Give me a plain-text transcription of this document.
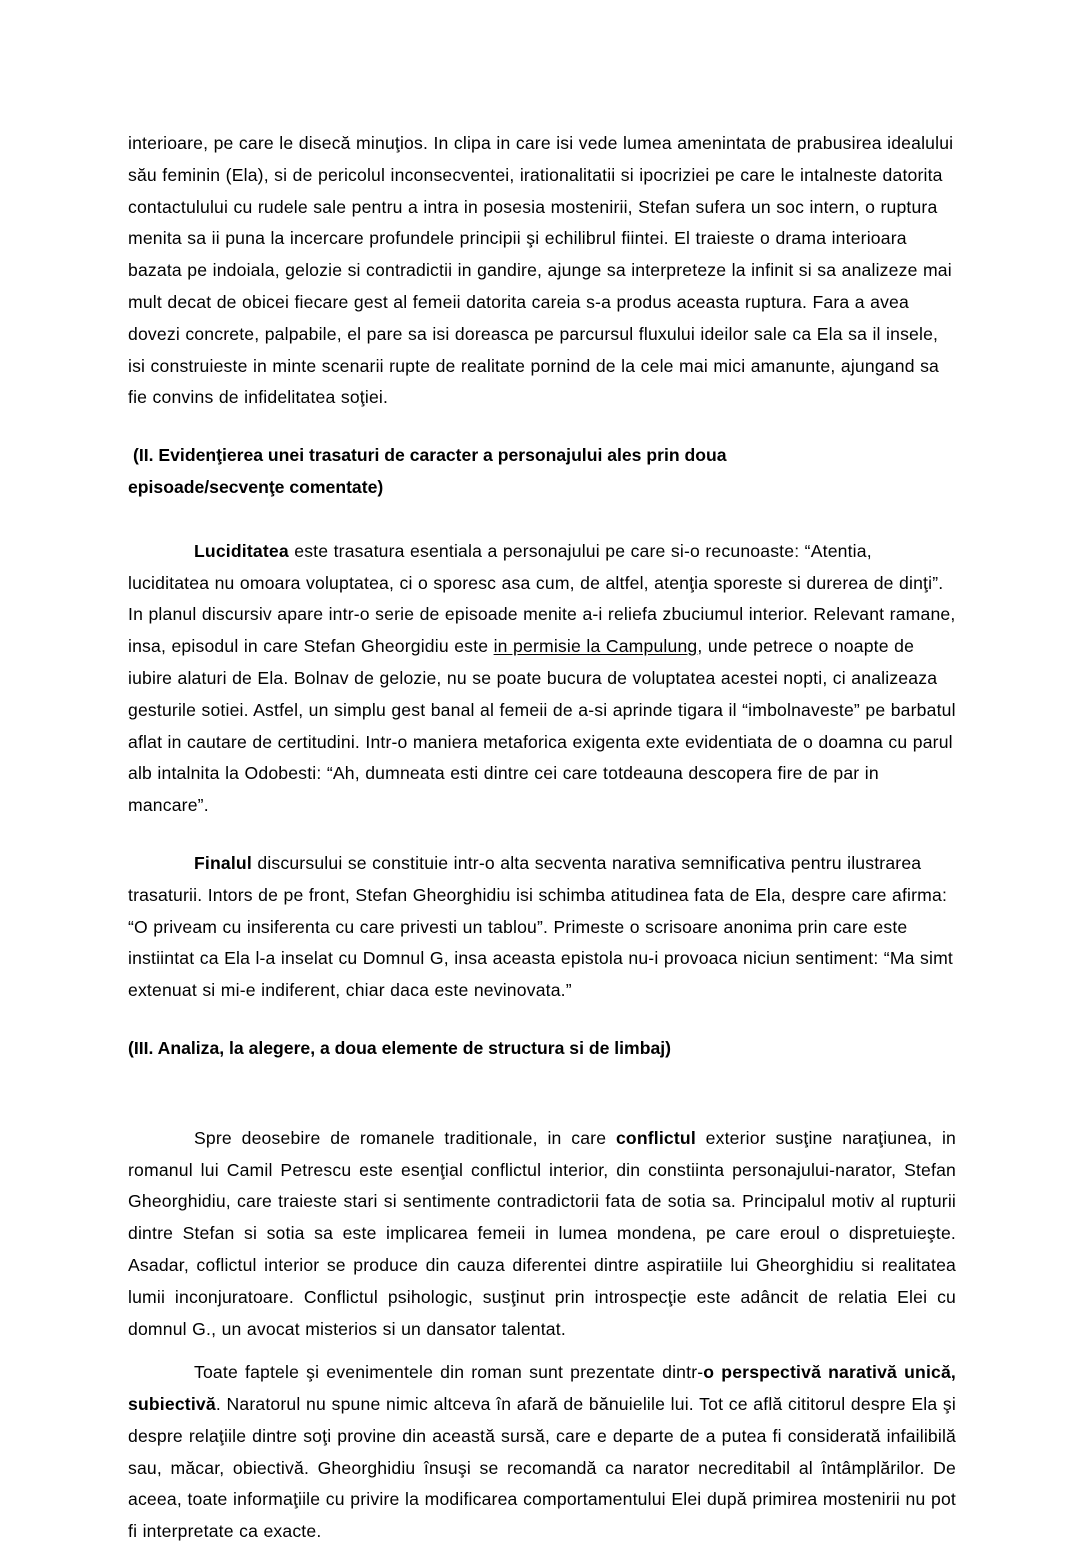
interioare, pe care le disecă minuţios. In clipa in care isi vede lumea amenintata de prabusirea idealului său feminin (Ela), si de pericolul inconsecventei, irationalitatii si ipocriziei pe care le intalneste datorita contactulului cu rudele sale pentru a intra in posesia mostenirii, Stefan sufera un soc intern, o ruptura menita sa ii puna la incercare profundele principii şi echilibrul fiintei. El traieste o drama interioara bazata pe indoiala, gelozie si contradictii in gandire, ajunge sa interpreteze la infinit si sa analizeze mai mult decat de obicei fiecare gest al femeii datorita careia s-a produs aceasta ruptura. Fara a avea dovezi concrete, palpabile, el pare sa isi doreasca pe parcursul fluxului ideilor sale ca Ela sa il insele, isi construieste in minte scenarii rupte de realitate pornind de la cele mai mici amanunte, ajungand sa fie convins de infidelitatea soţiei.

(II. Evidenţierea unei trasaturi de caracter a personajului ales prin doua
episoade/secvenţe comentate)

Luciditatea este trasatura esentiala a personajului pe care si-o recunoaste: “Atentia, luciditatea nu omoara voluptatea, ci o sporesc asa cum, de altfel, atenţia sporeste si durerea de dinţi”. In planul discursiv apare intr-o serie de episoade menite a-i reliefa zbuciumul interior. Relevant ramane, insa, episodul in care Stefan Gheorgidiu este in permisie la Campulung, unde petrece o noapte de iubire alaturi de Ela. Bolnav de gelozie, nu se poate bucura de voluptatea acestei nopti, ci analizeaza gesturile sotiei. Astfel, un simplu gest banal al femeii de a-si aprinde tigara il “imbolnaveste” pe barbatul aflat in cautare de certitudini. Intr-o maniera metaforica exigenta exte evidentiata de o doamna cu parul alb intalnita la Odobesti: “Ah, dumneata esti dintre cei care totdeauna descopera fire de par in mancare”.

Finalul discursului se constituie intr-o alta secventa narativa semnificativa pentru ilustrarea trasaturii. Intors de pe front, Stefan Gheorghidiu isi schimba atitudinea fata de Ela, despre care afirma: “O priveam cu insiferenta cu care privesti un tablou”. Primeste o scrisoare anonima prin care este instiintat ca Ela l-a inselat cu Domnul G, insa aceasta epistola nu-i provoaca niciun sentiment: “Ma simt extenuat si mi-e indiferent, chiar daca este nevinovata.”

(III. Analiza, la alegere, a doua elemente de structura si de limbaj)

Spre deosebire de romanele traditionale, in care conflictul exterior susţine naraţiunea, in romanul lui Camil Petrescu este esenţial conflictul interior, din constiinta personajului-narator, Stefan Gheorghidiu, care traieste stari si sentimente contradictorii fata de sotia sa. Principalul motiv al rupturii dintre Stefan si sotia sa este implicarea femeii in lumea mondena, pe care eroul o dispretuieşte. Asadar, coflictul interior se produce din cauza diferentei dintre aspiratiile lui Gheorghidiu si realitatea lumii inconjuratoare. Conflictul psihologic, susţinut prin introspecţie este adâncit de relatia Elei cu domnul G., un avocat misterios si un dansator talentat.

Toate faptele şi evenimentele din roman sunt prezentate dintr-o perspectivă narativă unică, subiectivă. Naratorul nu spune nimic altceva în afară de bănuielile lui. Tot ce află cititorul despre Ela şi despre relaţiile dintre soţi provine din această sursă, care e departe de a putea fi considerată infailibilă sau, măcar, obiectivă. Gheorghidiu însuşi se recomandă ca narator necreditabil al întâmplărilor. De aceea, toate informaţiile cu privire la modificarea comportamentului Elei după primirea mostenirii nu pot fi interpretate ca exacte.
